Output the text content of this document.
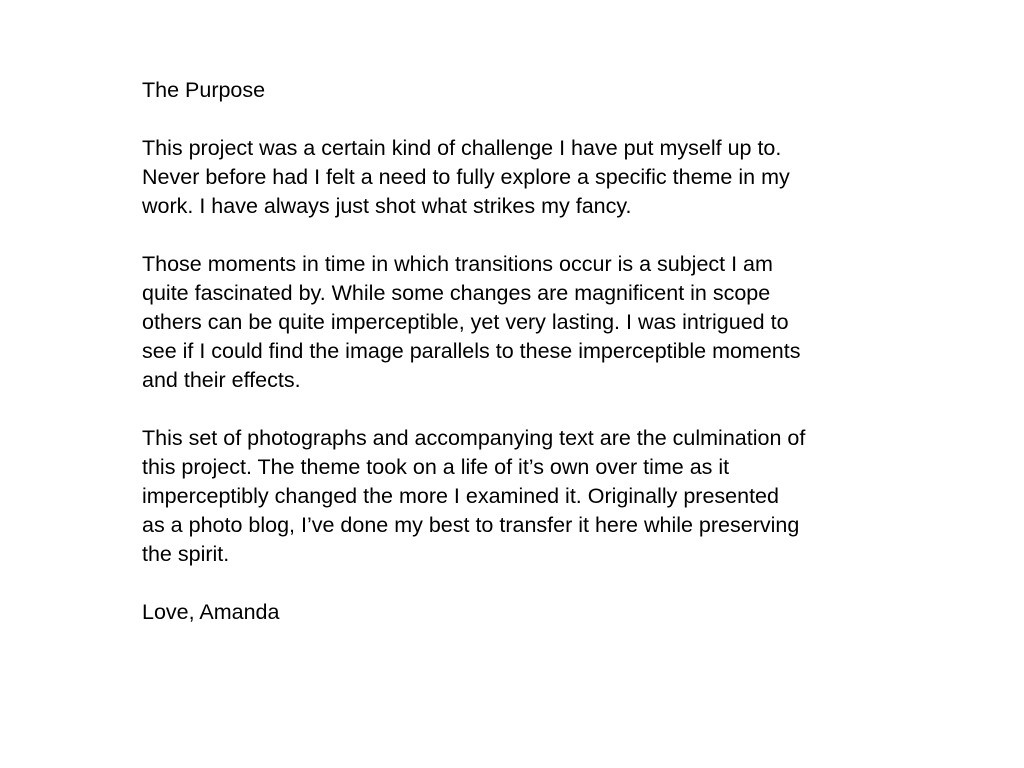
The Purpose
This project was a certain kind of challenge I have put myself up to.
Never before had I felt a need to fully explore a specific theme in my
work. I have always just shot what strikes my fancy.
Those moments in time in which transitions occur is a subject I am
quite fascinated by. While some changes are magnificent in scope
others can be quite imperceptible, yet very lasting. I was intrigued to
see if I could find the image parallels to these imperceptible moments
and their effects.
This set of photographs and accompanying text are the culmination of
this project. The theme took on a life of it’s own over time as it
imperceptibly changed the more I examined it. Originally presented
as a photo blog, I’ve done my best to transfer it here while preserving
the spirit.
Love, Amanda
